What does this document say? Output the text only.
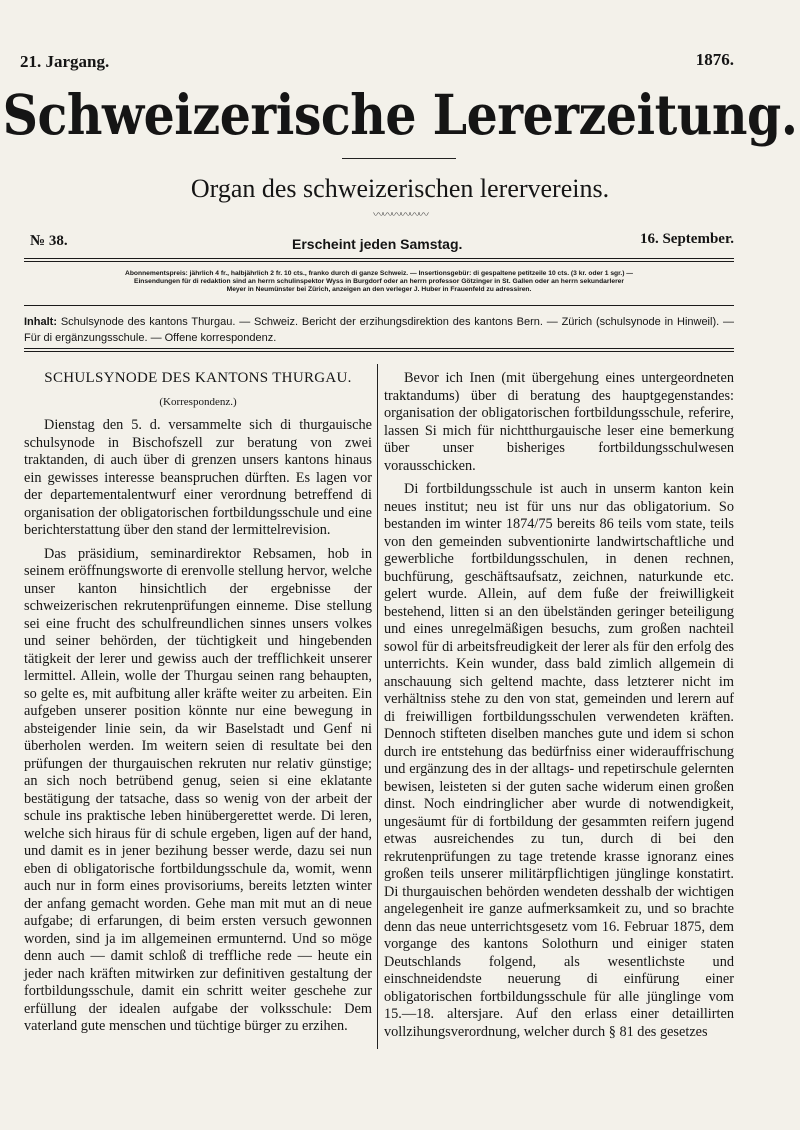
21. Jargang.	1876.
Schweizerische Lererzeitung.
Organ des schweizerischen lerervereins.
〰〰〰〰〰〰
№ 38.	Erscheint jeden Samstag.	16. September.
Abonnementspreis: jährlich 4 fr., halbjährlich 2 fr. 10 cts., franko durch di ganze Schweiz. — Insertionsgebür: di gespaltene petitzeile 10 cts. (3 kr. oder 1 sgr.) —
Einsendungen für di redaktion sind an herrn schulinspektor Wyss in Burgdorf oder an herrn professor Götzinger in St. Gallen oder an herrn sekundarlerer
Meyer in Neumünster bei Zürich, anzeigen an den verleger J. Huber in Frauenfeld zu adressiren.
Inhalt: Schulsynode des kantons Thurgau. — Schweiz. Bericht der erzihungsdirektion des kantons Bern. — Zürich (schulsynode in Hinweil). — Für di ergänzungsschule. — Offene korrespondenz.

SCHULSYNODE DES KANTONS THURGAU.

(Korrespondenz.)

Dienstag den 5. d. versammelte sich di thurgauische schulsynode in Bischofszell zur beratung von zwei traktanden, di auch über di grenzen unsers kantons hinaus ein gewisses interesse beanspruchen dürften. Es lagen vor der departementalentwurf einer verordnung betreffend di organisation der obligatorischen fortbildungsschule und eine berichterstattung über den stand der lermittelrevision.

Das präsidium, seminardirektor Rebsamen, hob in seinem eröffnungsworte di erenvolle stellung hervor, welche unser kanton hinsichtlich der ergebnisse der schweizerischen rekrutenprüfungen einneme. Dise stellung sei eine frucht des schulfreundlichen sinnes unsers volkes und seiner behörden, der tüchtigkeit und hingebenden tätigkeit der lerer und gewiss auch der trefflichkeit unserer lermittel. Allein, wolle der Thurgau seinen rang behaupten, so gelte es, mit aufbitung aller kräfte weiter zu arbeiten. Ein aufgeben unserer position könnte nur eine bewegung in absteigender linie sein, da wir Baselstadt und Genf ni überholen werden. Im weitern seien di resultate bei den prüfungen der thurgauischen rekruten nur relativ günstige; an sich noch betrübend genug, seien si eine eklatante bestätigung der tatsache, dass so wenig von der arbeit der schule ins praktische leben hinübergerettet werde. Di leren, welche sich hiraus für di schule ergeben, ligen auf der hand, und damit es in jener bezihung besser werde, dazu sei nun eben di obligatorische fortbildungsschule da, womit, wenn auch nur in form eines provisoriums, bereits letzten winter der anfang gemacht worden. Gehe man mit mut an di neue aufgabe; di erfarungen, di beim ersten versuch gewonnen worden, sind ja im allgemeinen ermunternd. Und so möge denn auch — damit schloß di treffliche rede — heute ein jeder nach kräften mitwirken zur definitiven gestaltung der fortbildungsschule, damit ein schritt weiter geschehe zur erfüllung der idealen aufgabe der volksschule: Dem vaterland gute menschen und tüchtige bürger zu erzihen.

Bevor ich Inen (mit übergehung eines untergeordneten traktandums) über di beratung des hauptgegenstandes: organisation der obligatorischen fortbildungsschule, referire, lassen Si mich für nichtthurgauische leser eine bemerkung über unser bisheriges fortbildungsschulwesen vorausschicken.

Di fortbildungsschule ist auch in unserm kanton kein neues institut; neu ist für uns nur das obligatorium. So bestanden im winter 1874/75 bereits 86 teils vom state, teils von den gemeinden subventionirte landwirtschaftliche und gewerbliche fortbildungsschulen, in denen rechnen, buchfürung, geschäftsaufsatz, zeichnen, naturkunde etc. gelert wurde. Allein, auf dem fuße der freiwilligkeit bestehend, litten si an den übelständen geringer beteiligung und eines unregelmäßigen besuchs, zum großen nachteil sowol für di arbeitsfreudigkeit der lerer als für den erfolg des unterrichts. Kein wunder, dass bald zimlich allgemein di anschauung sich geltend machte, dass letzterer nicht im verhältniss stehe zu den von stat, gemeinden und lerern auf di freiwilligen fortbildungsschulen verwendeten kräften. Dennoch stifteten diselben manches gute und idem si schon durch ire entstehung das bedürfniss einer widerauffrischung und ergänzung des in der alltags- und repetirschule gelernten bewisen, leisteten si der guten sache widerum einen großen dinst. Noch eindringlicher aber wurde di notwendigkeit, ungesäumt für di fortbildung der gesammten reifern jugend etwas ausreichendes zu tun, durch di bei den rekrutenprüfungen zu tage tretende krasse ignoranz eines großen teils unserer militärpflichtigen jünglinge konstatirt. Di thurgauischen behörden wendeten desshalb der wichtigen angelegenheit ire ganze aufmerksamkeit zu, und so brachte denn das neue unterrichtsgesetz vom 16. Februar 1875, dem vorgange des kantons Solothurn und einiger staten Deutschlands folgend, als wesentlichste und einschneidendste neuerung di einfürung einer obligatorischen fortbildungsschule für alle jünglinge vom 15.—18. altersjare. Auf den erlass einer detaillirten vollzihungsverordnung, welcher durch § 81 des gesetzes
